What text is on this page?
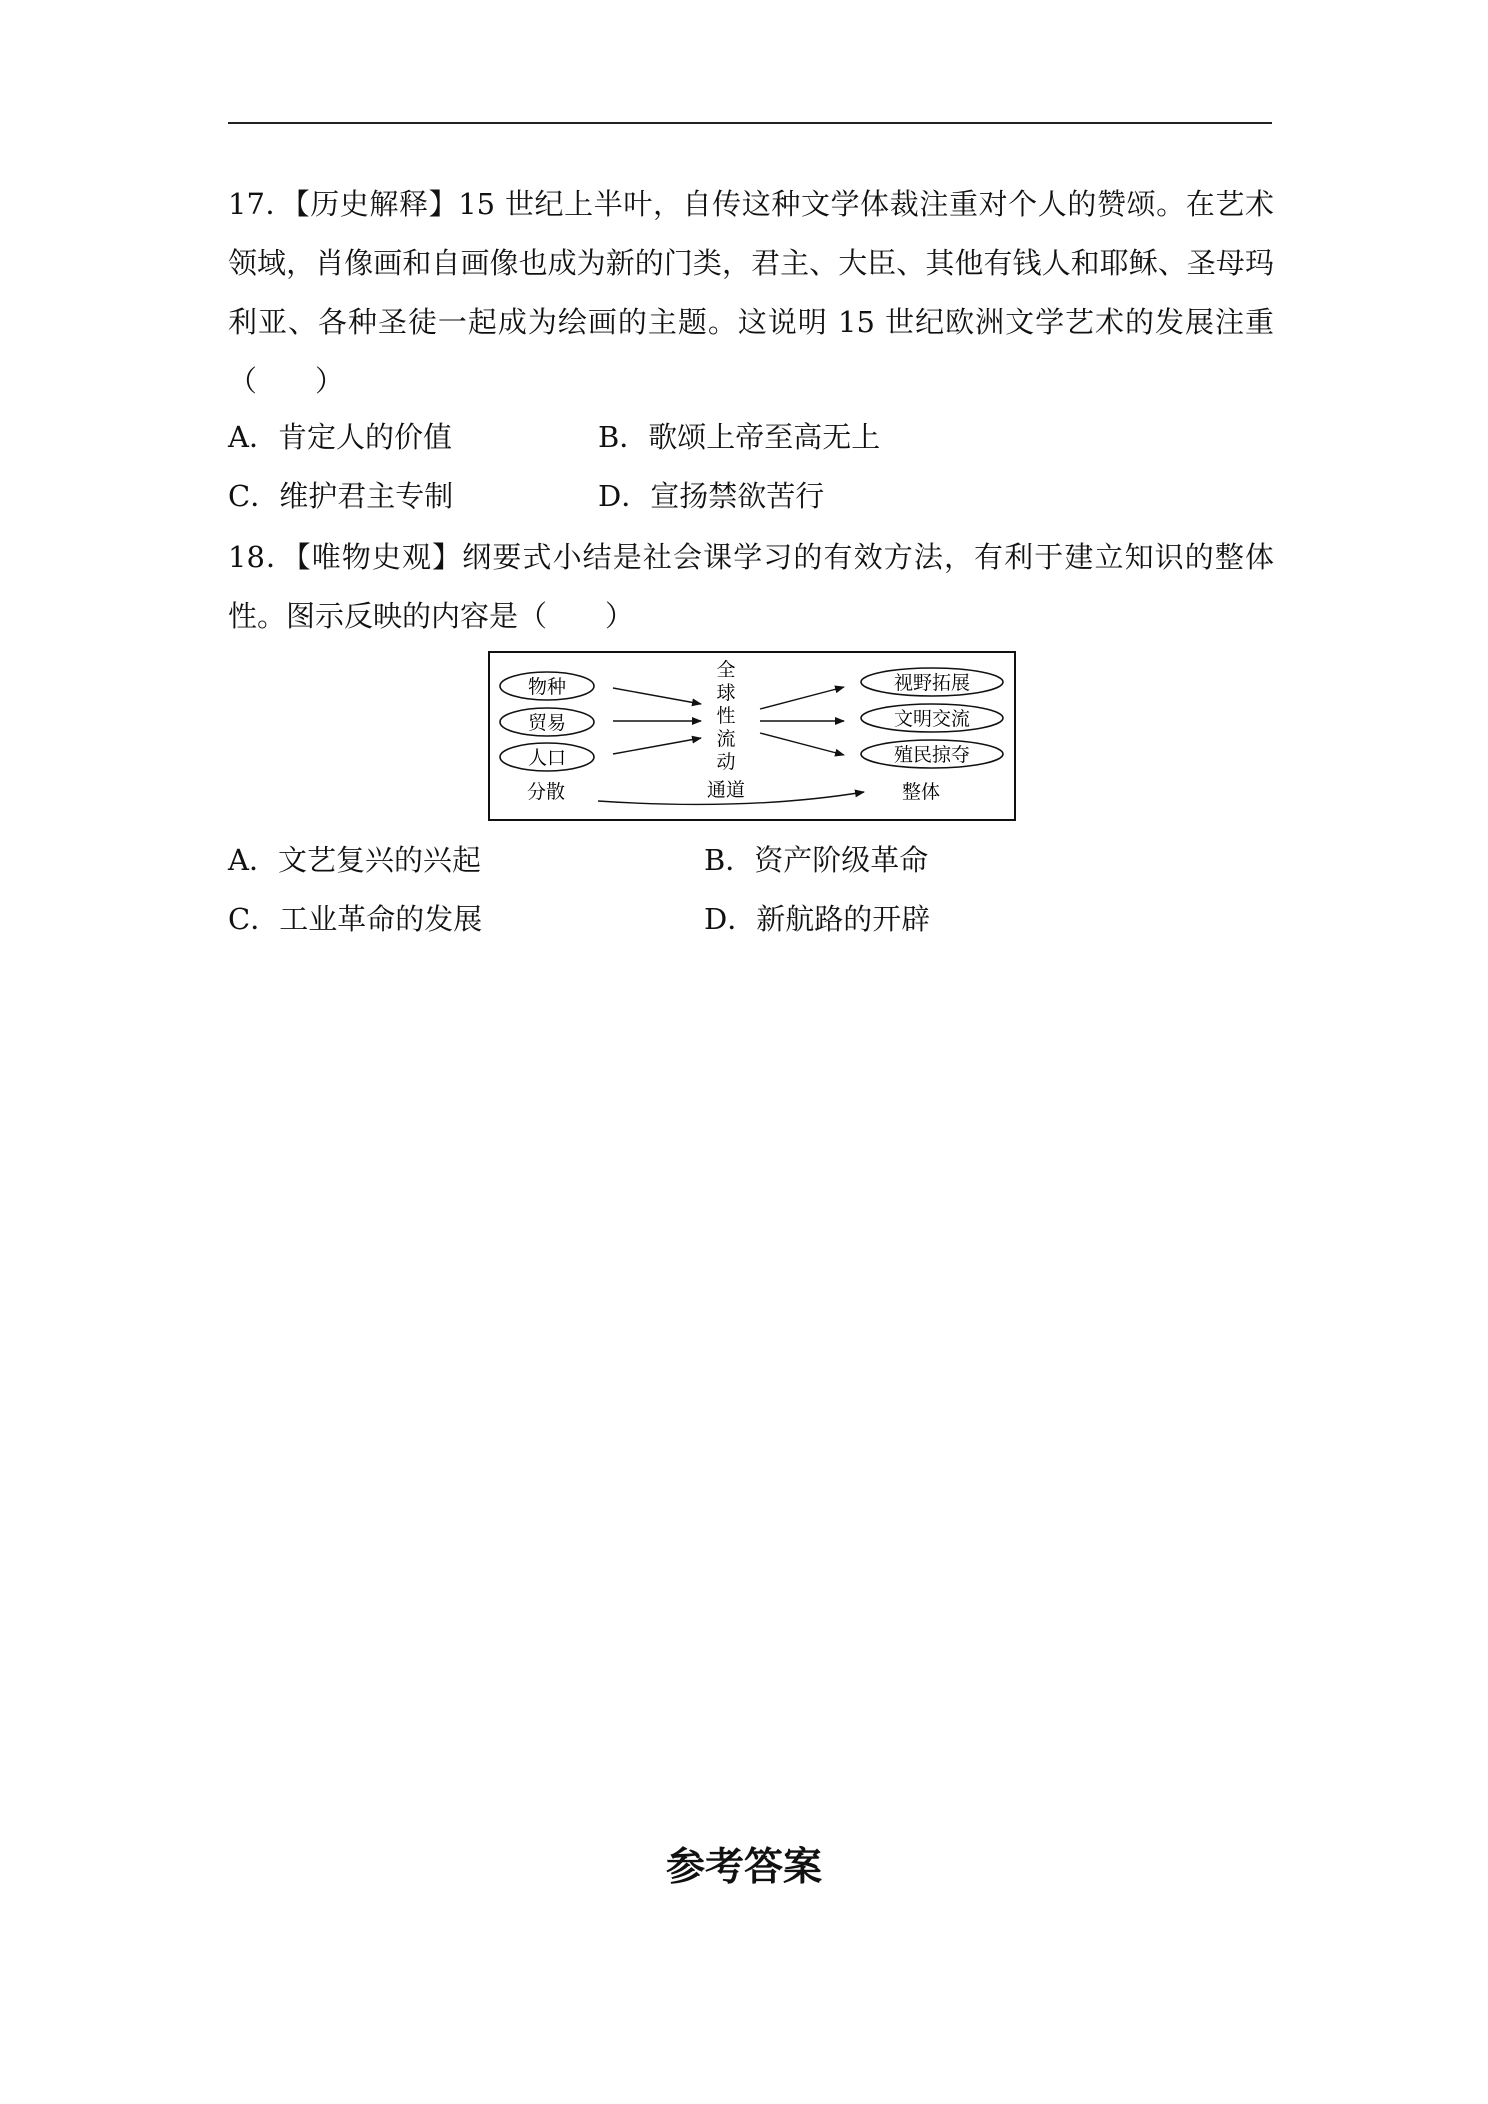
17．【历史解释】15 世纪上半叶，自传这种文学体裁注重对个人的赞颂。在艺术领域，肖像画和自画像也成为新的门类，君主、大臣、其他有钱人和耶稣、圣母玛利亚、各种圣徒一起成为绘画的主题。这说明 15 世纪欧洲文学艺术的发展注重（　　）
A．肯定人的价值	B．歌颂上帝至高无上
C．维护君主专制	D．宣扬禁欲苦行
18．【唯物史观】纲要式小结是社会课学习的有效方法，有利于建立知识的整体性。图示反映的内容是（　　）
物种
贸易
人口
全
球
性
流
动
通道
视野拓展
文明交流
殖民掠夺
分散	整体
A．文艺复兴的兴起	B．资产阶级革命
C．工业革命的发展	D．新航路的开辟
参考答案
